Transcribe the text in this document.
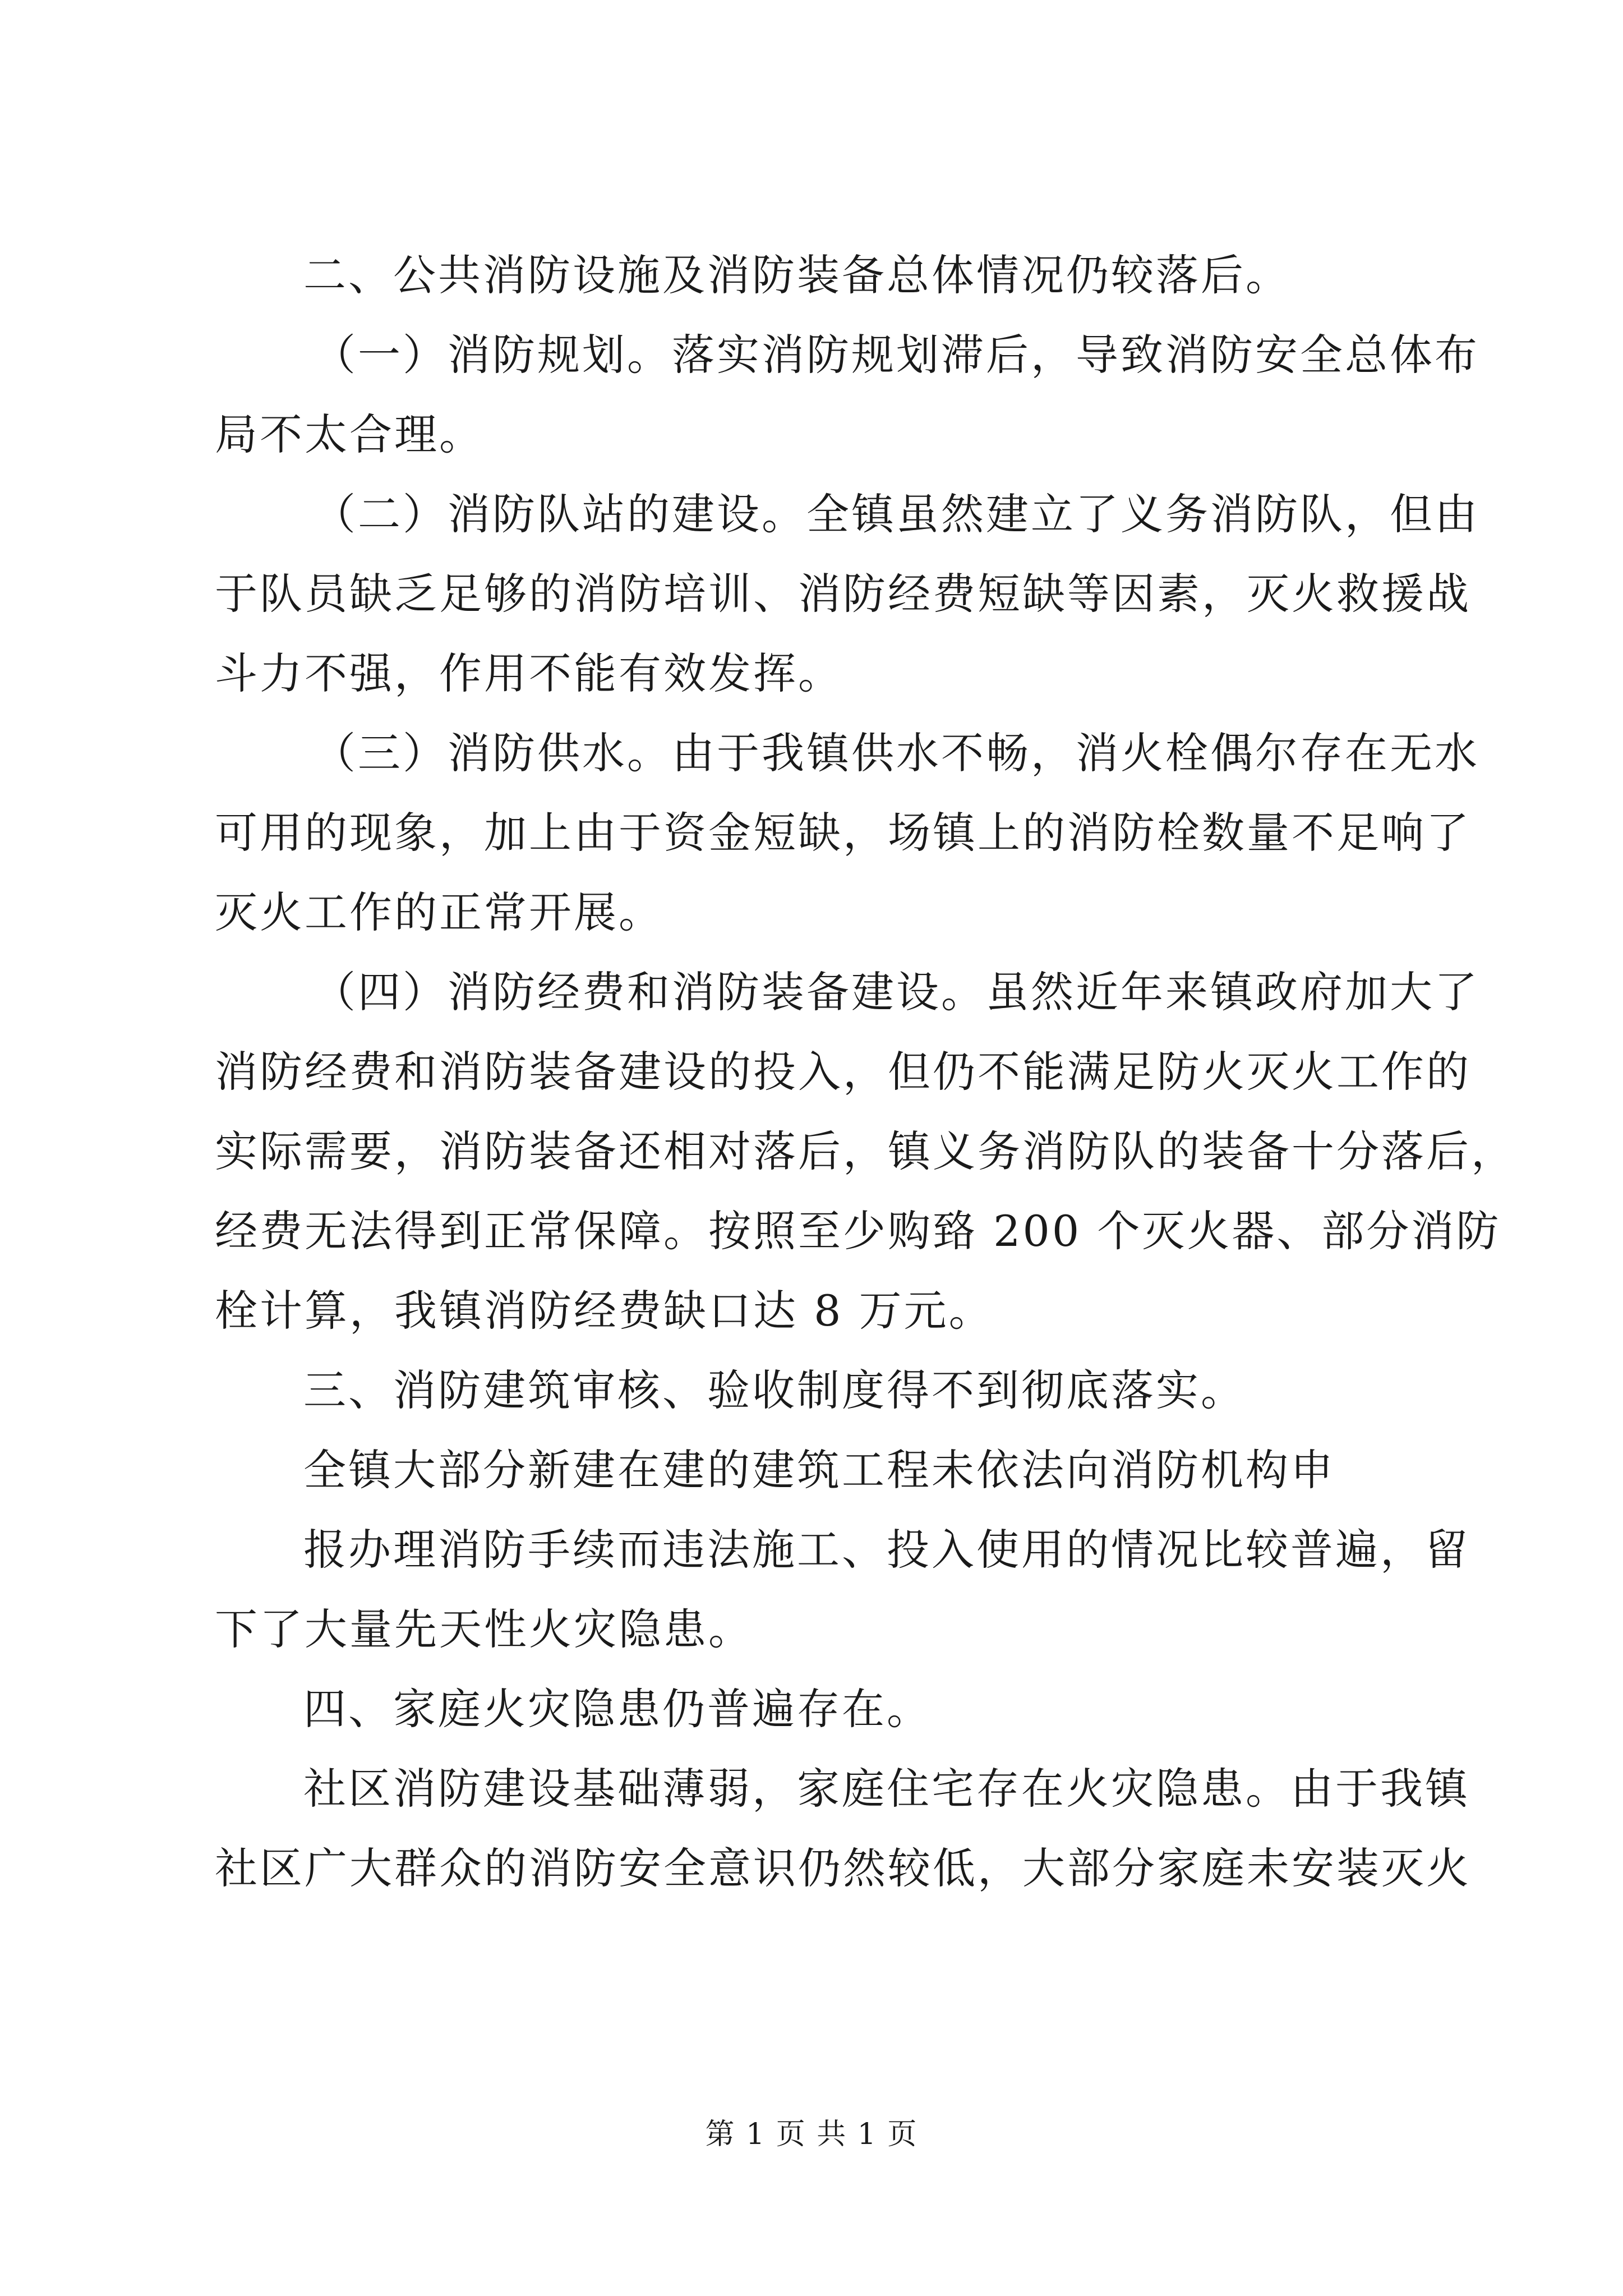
二、公共消防设施及消防装备总体情况仍较落后。
（一）消防规划。落实消防规划滞后，导致消防安全总体布
局不太合理。
（二）消防队站的建设。全镇虽然建立了义务消防队，但由
于队员缺乏足够的消防培训、消防经费短缺等因素，灭火救援战
斗力不强，作用不能有效发挥。
（三）消防供水。由于我镇供水不畅，消火栓偶尔存在无水
可用的现象，加上由于资金短缺，场镇上的消防栓数量不足响了
灭火工作的正常开展。
（四）消防经费和消防装备建设。虽然近年来镇政府加大了
消防经费和消防装备建设的投入，但仍不能满足防火灭火工作的
实际需要，消防装备还相对落后，镇义务消防队的装备十分落后，
经费无法得到正常保障。按照至少购臵 200 个灭火器、部分消防
栓计算，我镇消防经费缺口达 8 万元。
三、消防建筑审核、验收制度得不到彻底落实。
全镇大部分新建在建的建筑工程未依法向消防机构申
报办理消防手续而违法施工、投入使用的情况比较普遍，留
下了大量先天性火灾隐患。
四、家庭火灾隐患仍普遍存在。
社区消防建设基础薄弱，家庭住宅存在火灾隐患。由于我镇
社区广大群众的消防安全意识仍然较低，大部分家庭未安装灭火
第 1 页 共 1 页
